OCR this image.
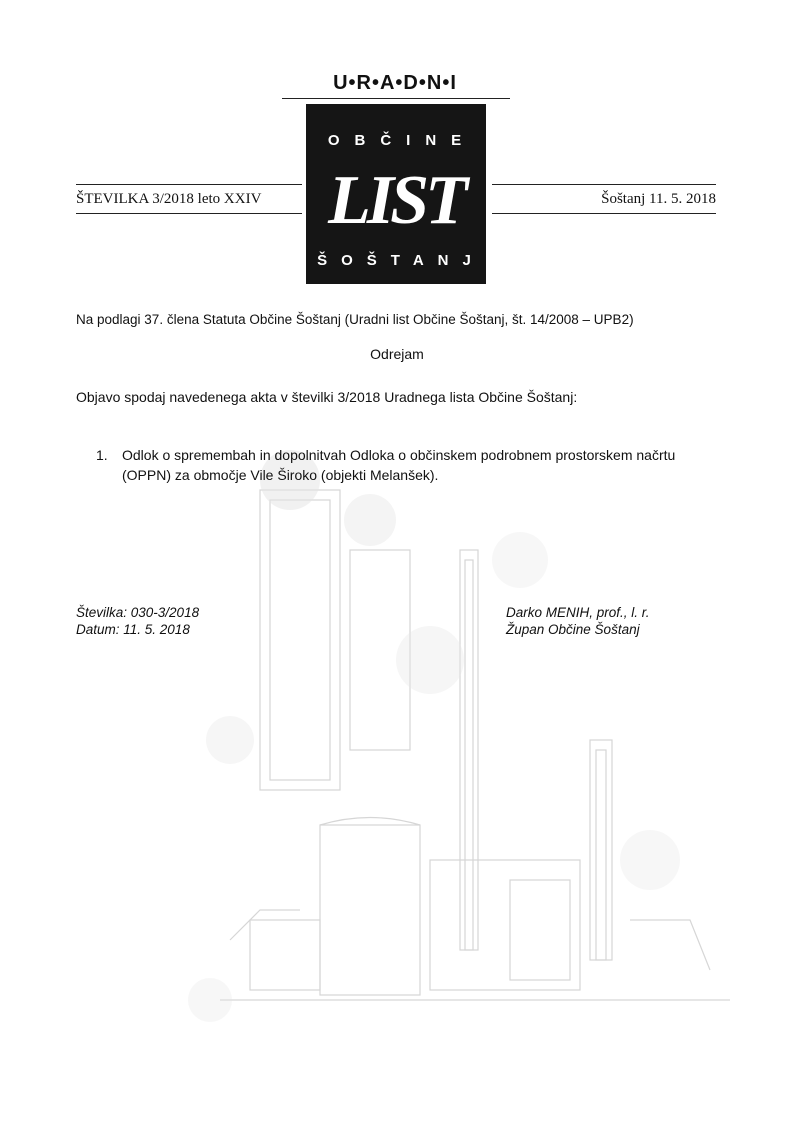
U•R•A•D•N•I
OBČINE
LIST
ŠOŠTANJ
ŠTEVILKA 3/2018 leto XXIV	Šoštanj 11. 5. 2018
Na podlagi 37. člena Statuta Občine Šoštanj (Uradni list Občine Šoštanj, št. 14/2008 – UPB2)
Odrejam
Objavo spodaj navedenega akta v številki 3/2018 Uradnega lista Občine Šoštanj:
1. Odlok o spremembah in dopolnitvah Odloka o občinskem podrobnem prostorskem načrtu (OPPN) za območje Vile Široko (objekti Melanšek).
Številka: 030-3/2018
Datum: 11. 5. 2018
Darko MENIH, prof., l. r.
Župan Občine Šoštanj
